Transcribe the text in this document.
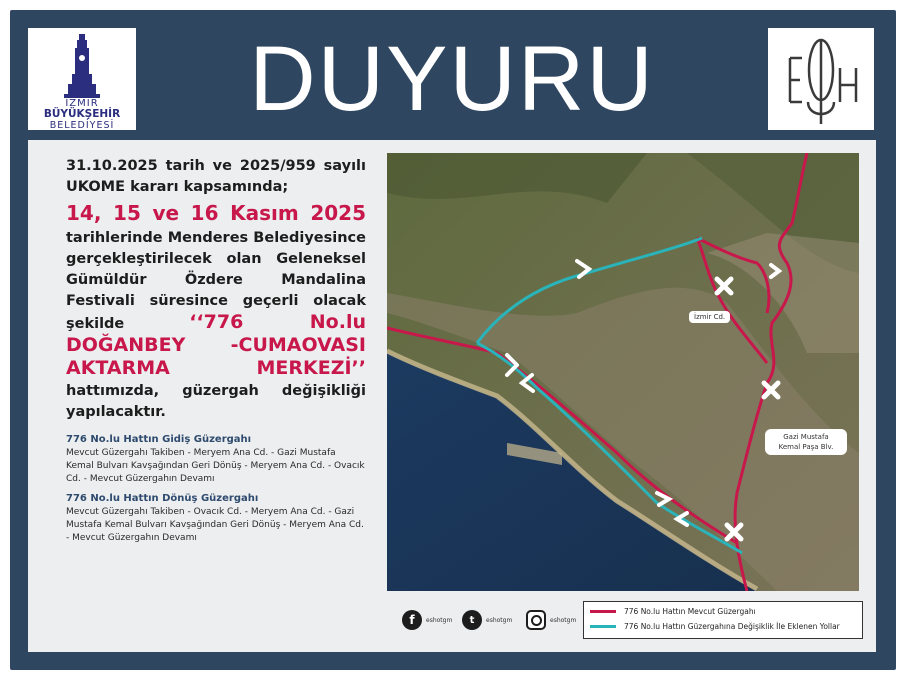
İZMİR
BÜYÜKŞEHİR
BELEDİYESİ DUYURU

31.10.2025 tarih ve 2025/959 sayılı UKOME kararı kapsamında;

14, 15 ve 16 Kasım 2025

tarihlerinde Menderes Belediyesince gerçekleştirilecek olan Geleneksel Gümüldür Özdere Mandalina Festivali süresince geçerli olacak şekilde	‘‘776 No.lu DOĞANBEY -CUMAOVASI AKTARMA MERKEZİ’’ hattımızda, güzergah değişikliği yapılacaktır.

776 No.lu Hattın Gidiş Güzergahı

Mevcut Güzergahı Takiben - Meryem Ana Cd. - Gazi Mustafa Kemal Bulvarı Kavşağından Geri Dönüş - Meryem Ana Cd. - Ovacık Cd. - Mevcut Güzergahın Devamı

776 No.lu Hattın Dönüş Güzergahı

Mevcut Güzergahı Takiben - Ovacık Cd. - Meryem Ana Cd. - Gazi Mustafa Kemal Bulvarı Kavşağından Geri Dönüş - Meryem Ana Cd. - Mevcut Güzergahın Devamı

İzmir Cd.
Gazi Mustafa
Kemal Paşa Blv.
f	eshotgm	t	eshotgm	eshotgm
776 No.lu Hattın Mevcut Güzergahı
776 No.lu Hattın Güzergahına Değişiklik İle Eklenen Yollar
